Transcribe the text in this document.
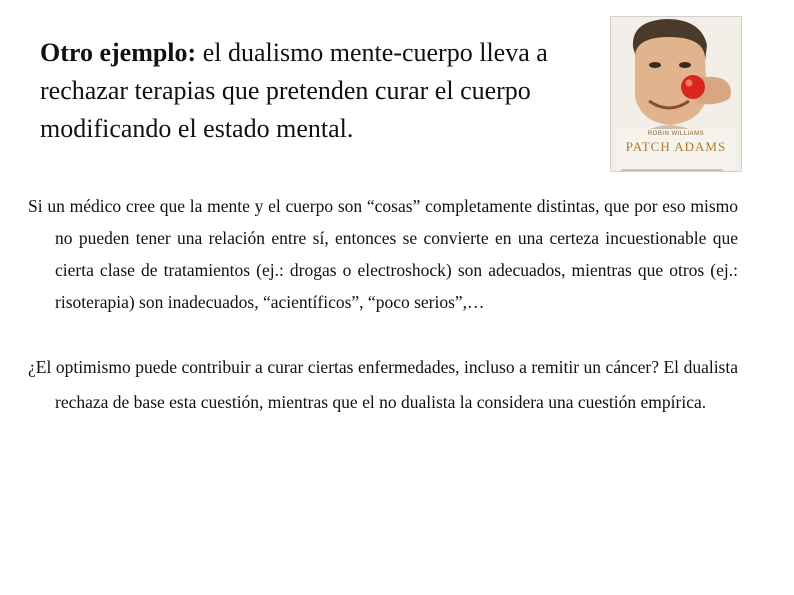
Otro ejemplo: el dualismo mente-cuerpo lleva a rechazar terapias que pretenden curar el cuerpo modificando el estado mental.	ROBIN WILLIAMS
PATCH ADAMS

Si un médico cree que la mente y el cuerpo son “cosas” completamente distintas, que por eso mismo no pueden tener una relación entre sí, entonces se convierte en una certeza incuestionable que cierta clase de tratamientos (ej.: drogas o electroshock) son adecuados, mientras que otros (ej.: risoterapia) son inadecuados, “acientíficos”, “poco serios”,…

¿El optimismo puede contribuir a curar ciertas enfermedades, incluso a remitir un cáncer? El dualista rechaza de base esta cuestión, mientras que el no dualista la considera una cuestión empírica.
